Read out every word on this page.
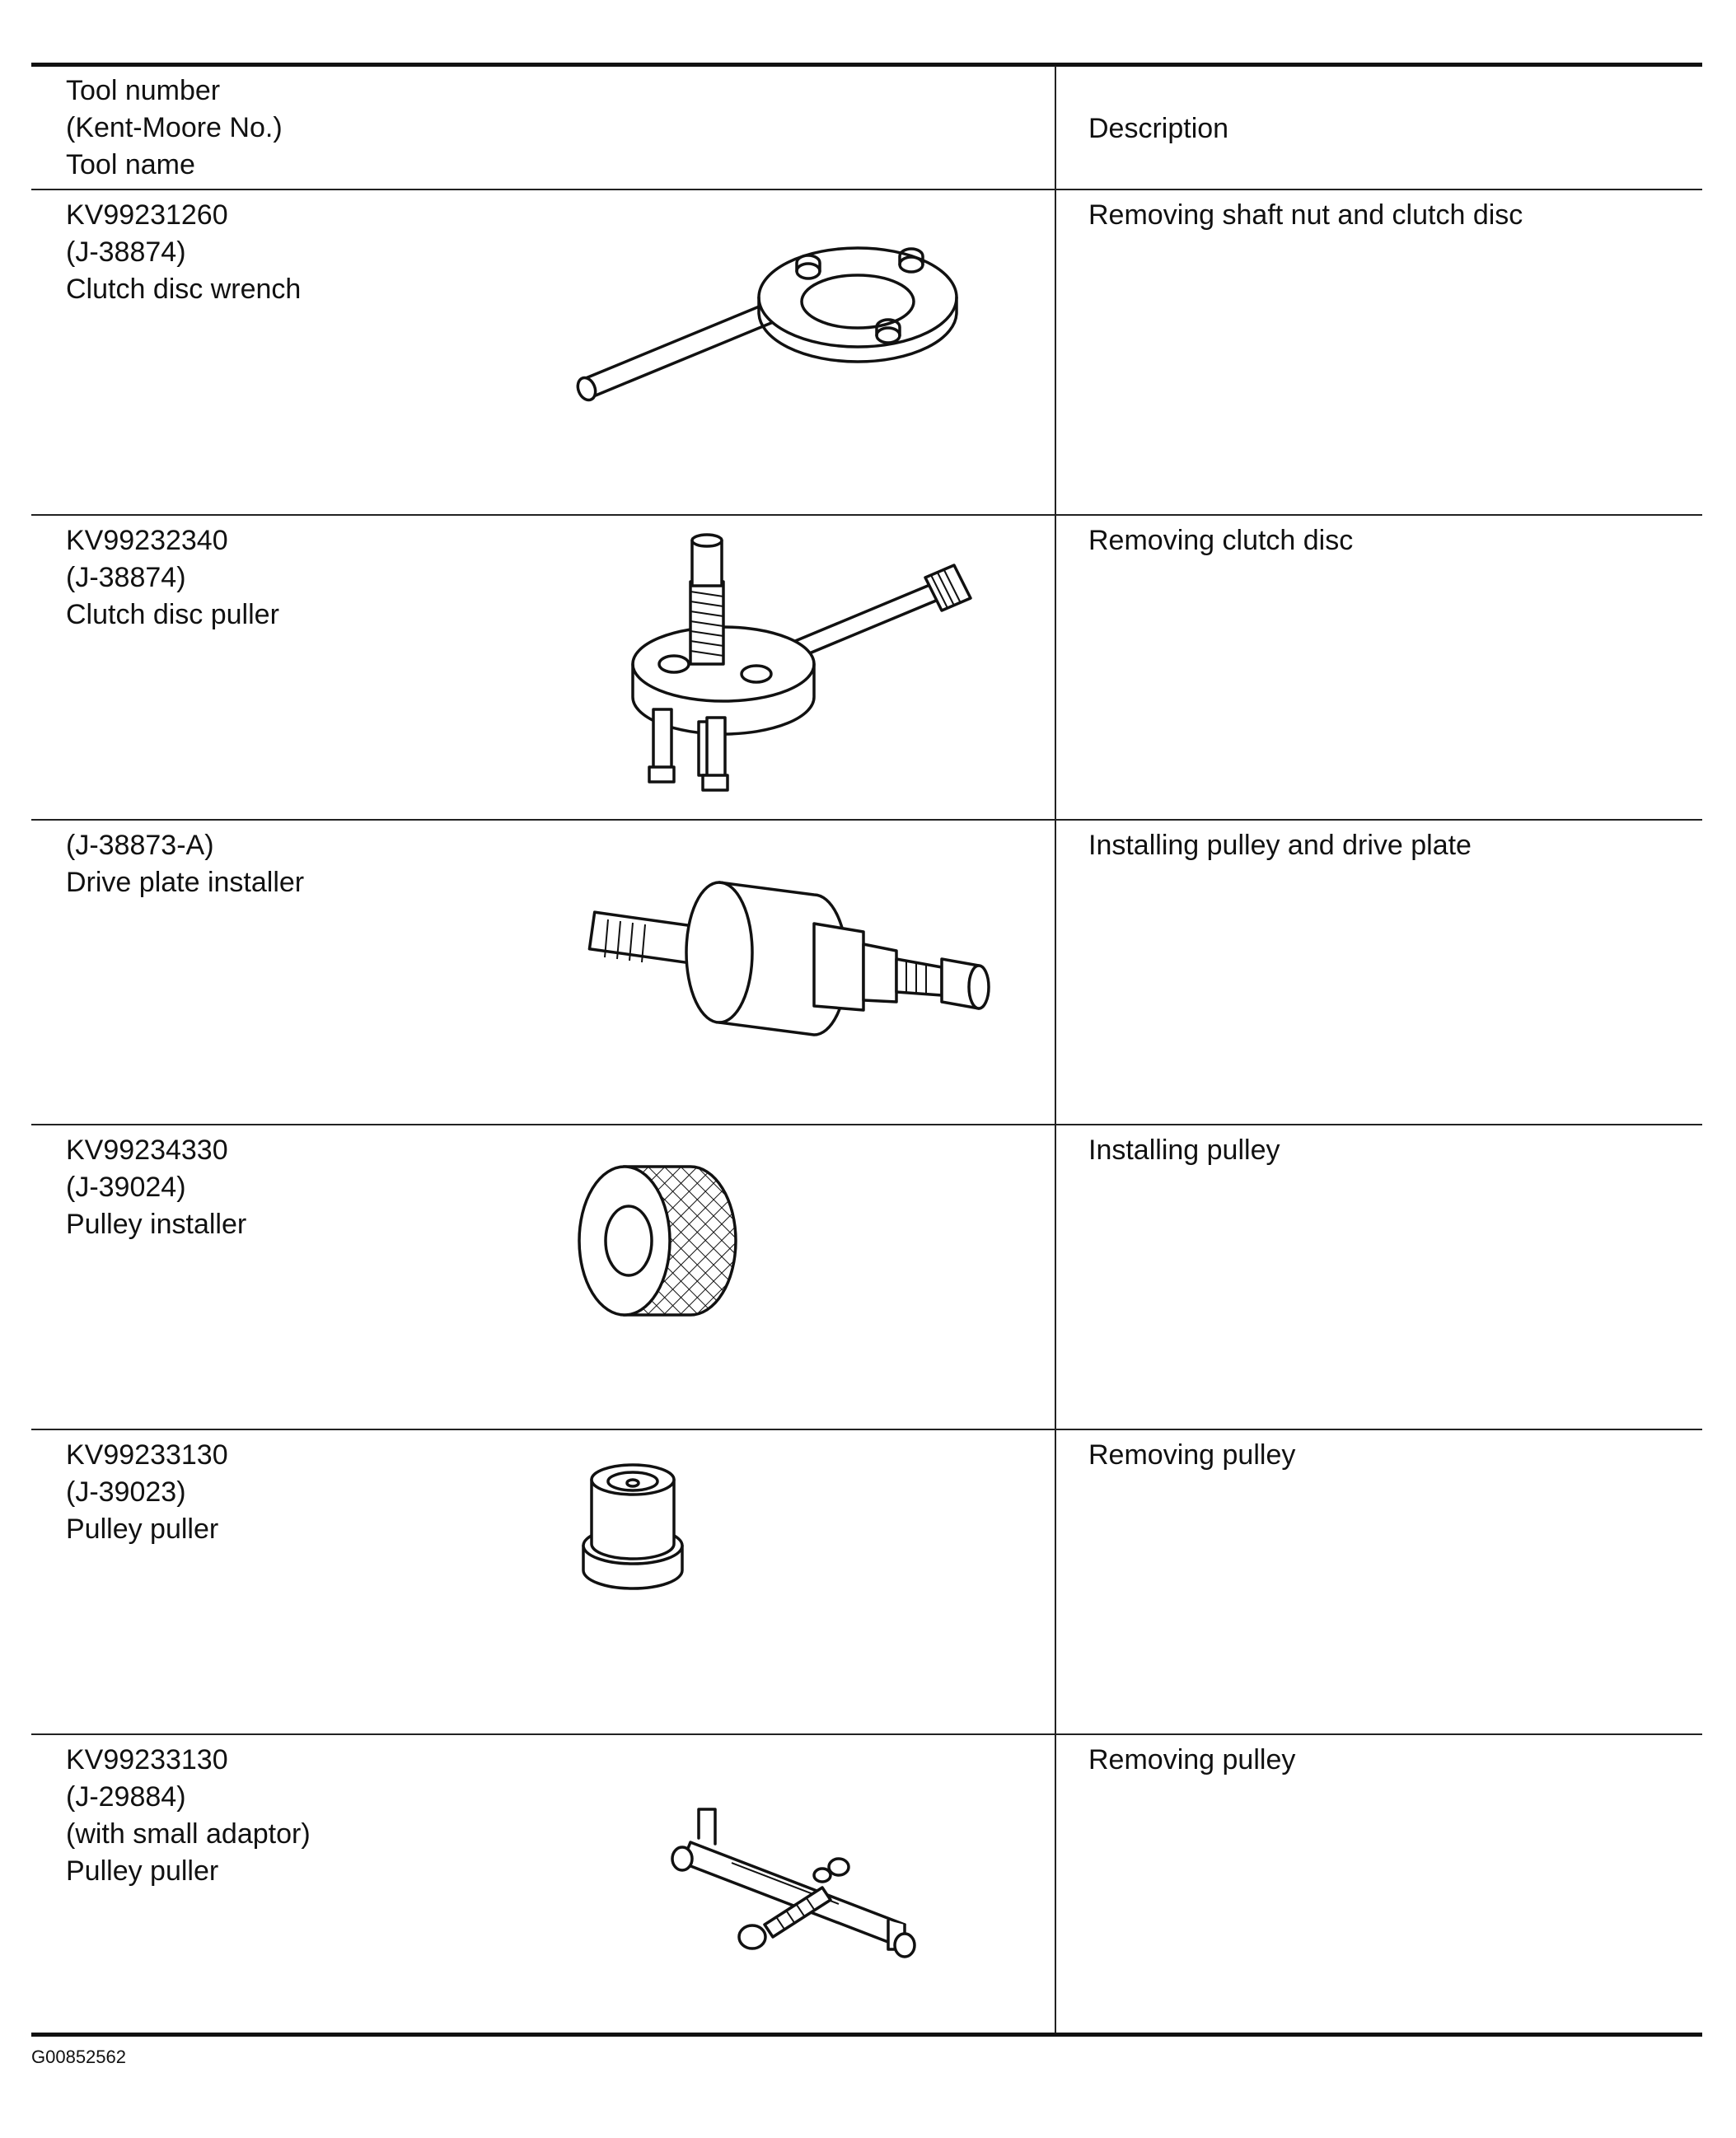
Tool number
(Kent-Moore No.)
Tool name
Description
KV99231260
(J-38874)
Clutch disc wrench
Removing shaft nut and clutch disc
KV99232340
(J-38874)
Clutch disc puller
Removing clutch disc
(J-38873-A)
Drive plate installer
Installing pulley and drive plate
KV99234330
(J-39024)
Pulley installer
Installing pulley
KV99233130
(J-39023)
Pulley puller
Removing pulley
KV99233130
(J-29884)
(with small adaptor)
Pulley puller
Removing pulley
G00852562
